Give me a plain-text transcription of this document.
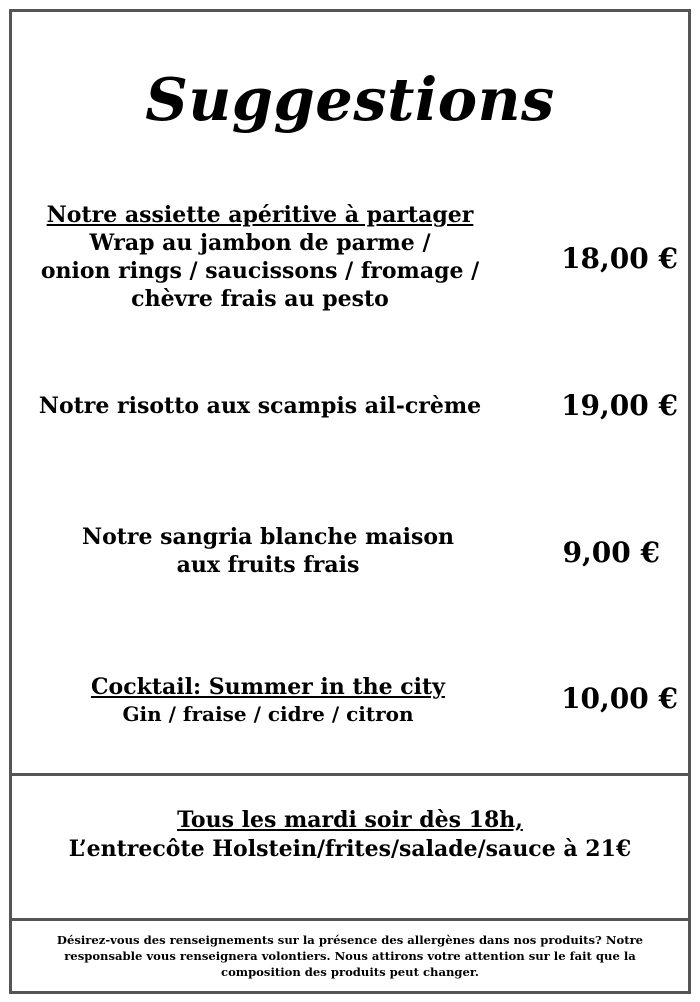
Suggestions
Notre assiette apéritive à partager
Wrap au jambon de parme /
onion rings / saucissons / fromage /
chèvre frais au pesto
18,00 €
Notre risotto aux scampis ail-crème	19,00 €
Notre sangria blanche maison
aux fruits frais	9,00 €
Cocktail: Summer in the city
Gin / fraise / cidre / citron	10,00 €
Tous les mardi soir dès 18h,
L’entrecôte Holstein/frites/salade/sauce à 21€
Désirez-vous des renseignements sur la présence des allergènes dans nos produits? Notre responsable vous renseignera volontiers. Nous attirons votre attention sur le fait que la composition des produits peut changer.
